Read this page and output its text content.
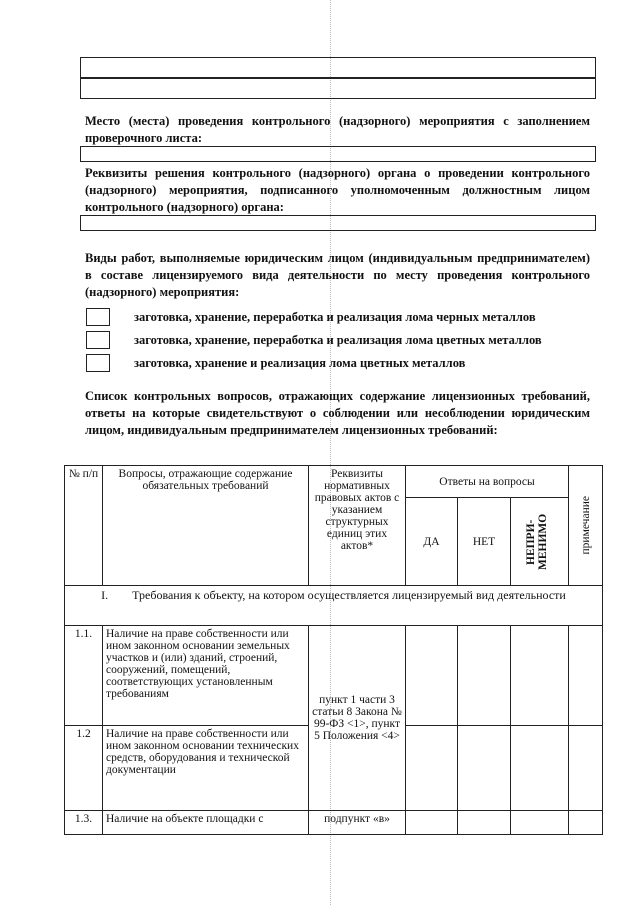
Место (места) проведения контрольного (надзорного) мероприятия с заполнением проверочного листа:
Реквизиты решения контрольного (надзорного) органа о проведении контрольного (надзорного) мероприятия, подписанного уполномоченным должностным лицом контрольного (надзорного) органа:
Виды работ, выполняемые юридическим лицом (индивидуальным предпринимателем) в составе лицензируемого вида деятельности по месту проведения контрольного (надзорного) мероприятия:
заготовка, хранение, переработка и реализация лома черных металлов
заготовка, хранение, переработка и реализация лома цветных металлов
заготовка, хранение и реализация лома цветных металлов
Список контрольных вопросов, отражающих содержание лицензионных требований, ответы на которые свидетельствуют о соблюдении или несоблюдении юридическим лицом, индивидуальным предпринимателем лицензионных требований:
№ п/п	Вопросы, отражающие содержание обязательных требований	Реквизиты нормативных правовых актов с указанием структурных единиц этих актов*	Ответы на вопросы			примечание

			ДА	НЕТ	НЕПРИ- МЕНИМО	

I. Требования к объекту, на котором осуществляется лицензируемый вид деятельности						
1.1.	Наличие на праве собственности или ином законном основании земельных участков и (или) зданий, строений, сооружений, помещений, соответствующих установленным требованиям	пункт 1 части 3 статьи 8 Закона № 99-ФЗ <1>, пункт 5 Положения <4>				
1.2	Наличие на праве собственности или ином законном основании технических средств, оборудования и технической документации					
1.3.	Наличие на объекте площадки с	подпункт «в»				
